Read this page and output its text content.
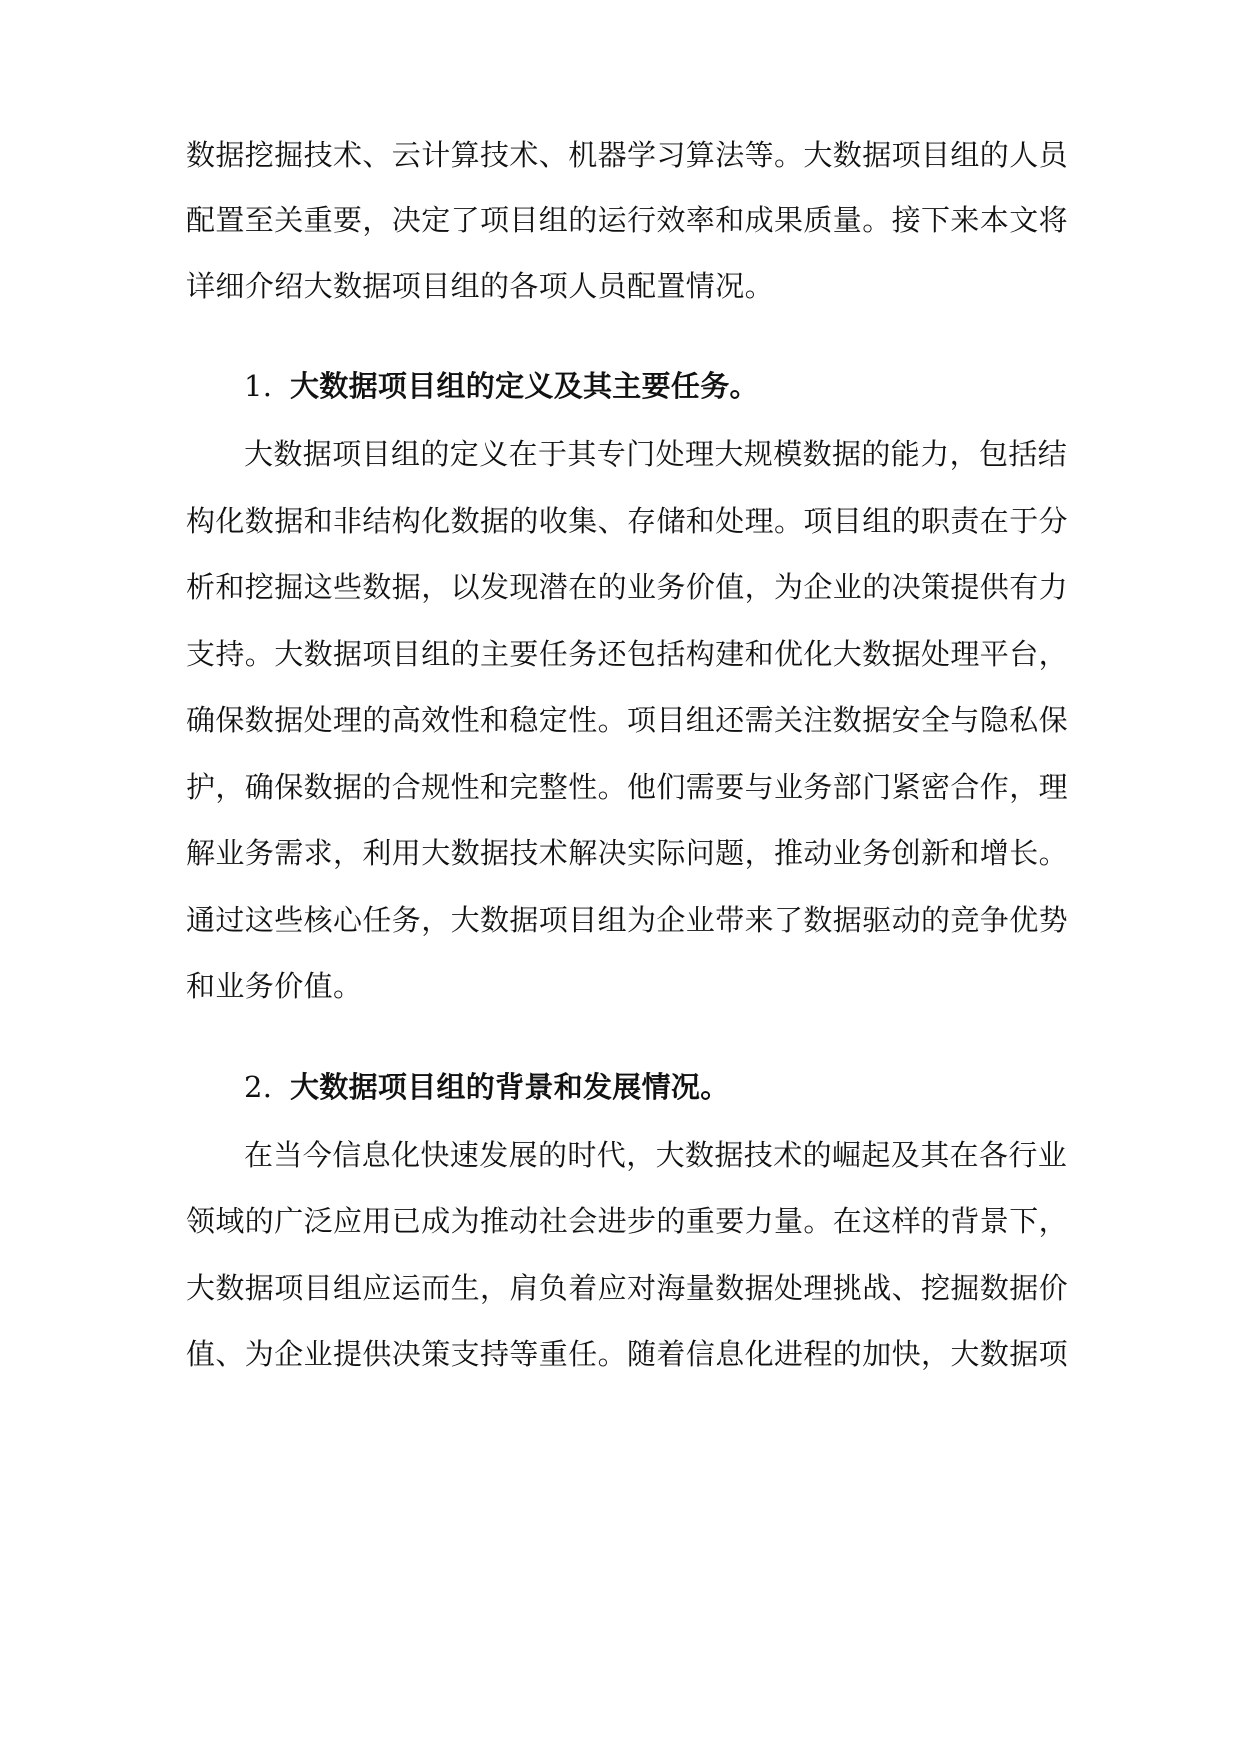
数据挖掘技术、云计算技术、机器学习算法等。大数据项目组的人员
配置至关重要，决定了项目组的运行效率和成果质量。接下来本文将
详细介绍大数据项目组的各项人员配置情况。
1. 大数据项目组的定义及其主要任务。
大数据项目组的定义在于其专门处理大规模数据的能力，包括结
构化数据和非结构化数据的收集、存储和处理。项目组的职责在于分
析和挖掘这些数据，以发现潜在的业务价值，为企业的决策提供有力
支持。大数据项目组的主要任务还包括构建和优化大数据处理平台，
确保数据处理的高效性和稳定性。项目组还需关注数据安全与隐私保
护，确保数据的合规性和完整性。他们需要与业务部门紧密合作，理
解业务需求，利用大数据技术解决实际问题，推动业务创新和增长。
通过这些核心任务，大数据项目组为企业带来了数据驱动的竞争优势
和业务价值。
2. 大数据项目组的背景和发展情况。
在当今信息化快速发展的时代，大数据技术的崛起及其在各行业
领域的广泛应用已成为推动社会进步的重要力量。在这样的背景下，
大数据项目组应运而生，肩负着应对海量数据处理挑战、挖掘数据价
值、为企业提供决策支持等重任。随着信息化进程的加快，大数据项
